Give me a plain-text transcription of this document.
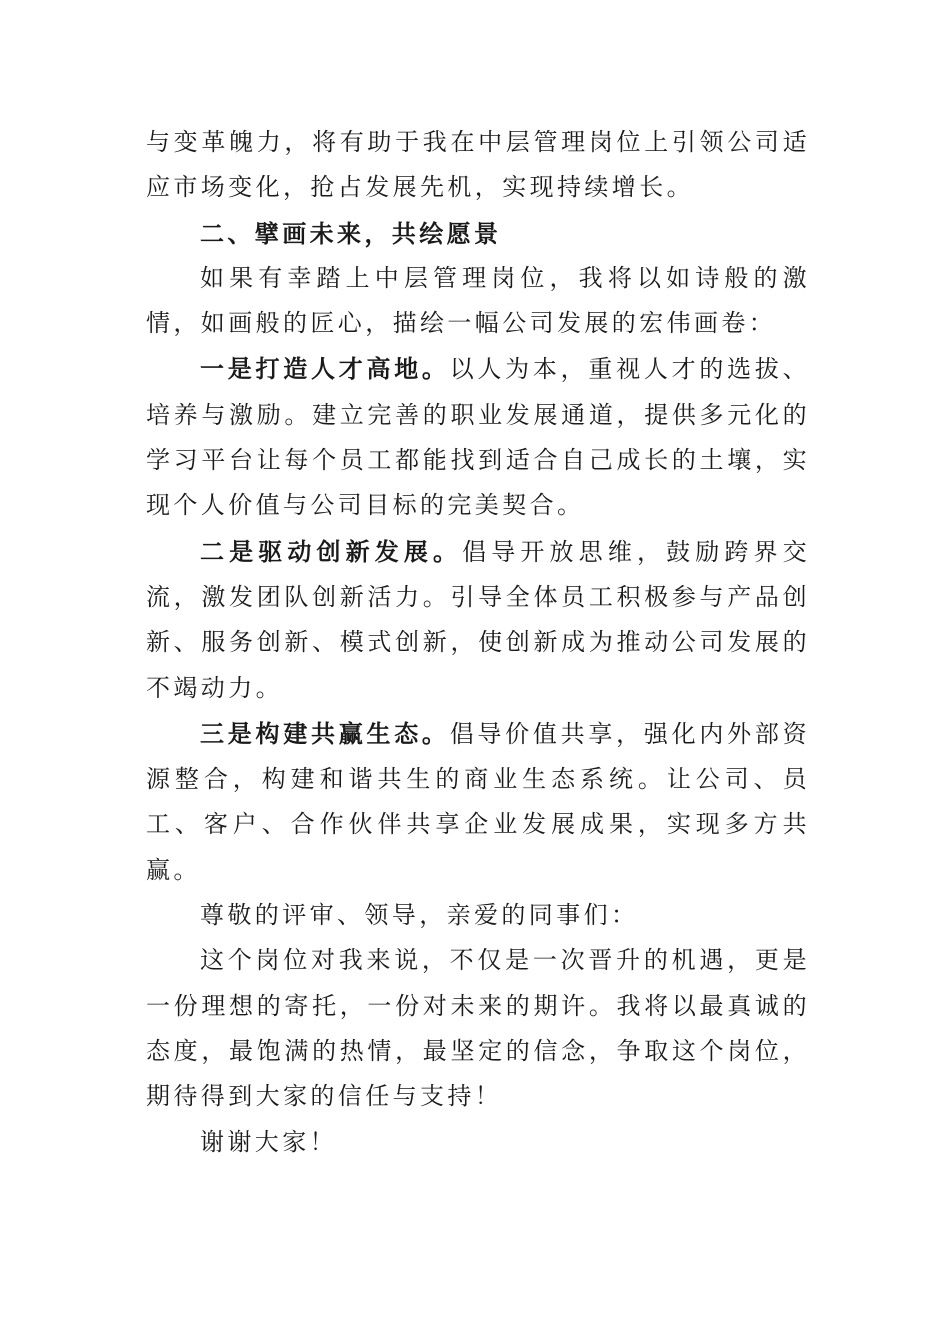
与变革魄力，将有助于我在中层管理岗位上引领公司适应市场变化，抢占发展先机，实现持续增长。

二、擘画未来，共绘愿景

如果有幸踏上中层管理岗位，我将以如诗般的激情，如画般的匠心，描绘一幅公司发展的宏伟画卷：

一是打造人才高地。以人为本，重视人才的选拔、培养与激励。建立完善的职业发展通道，提供多元化的学习平台让每个员工都能找到适合自己成长的土壤，实现个人价值与公司目标的完美契合。

二是驱动创新发展。倡导开放思维，鼓励跨界交流，激发团队创新活力。引导全体员工积极参与产品创新、服务创新、模式创新，使创新成为推动公司发展的不竭动力。

三是构建共赢生态。倡导价值共享，强化内外部资源整合，构建和谐共生的商业生态系统。让公司、员工、客户、合作伙伴共享企业发展成果，实现多方共赢。

尊敬的评审、领导，亲爱的同事们：

这个岗位对我来说，不仅是一次晋升的机遇，更是一份理想的寄托，一份对未来的期许。我将以最真诚的态度，最饱满的热情，最坚定的信念，争取这个岗位，期待得到大家的信任与支持！

谢谢大家！
